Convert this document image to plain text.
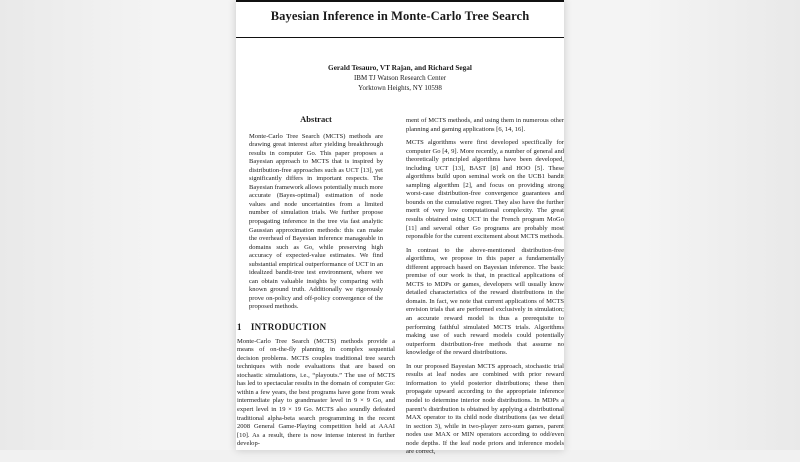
Bayesian Inference in Monte-Carlo Tree Search
Gerald Tesauro, VT Rajan, and Richard Segal
IBM TJ Watson Research Center
Yorktown Heights, NY 10598
Abstract
Monte-Carlo Tree Search (MCTS) methods are drawing great interest after yielding breakthrough results in computer Go. This paper proposes a Bayesian approach to MCTS that is inspired by distribution-free approaches such as UCT [13], yet significantly differs in important respects. The Bayesian framework allows potentially much more accurate (Bayes-optimal) estimation of node values and node uncertainties from a limited number of simulation trials. We further propose propagating inference in the tree via fast analytic Gaussian approximation methods: this can make the overhead of Bayesian inference manageable in domains such as Go, while preserving high accuracy of expected-value estimates. We find substantial empirical outperformance of UCT in an idealized bandit-tree test environment, where we can obtain valuable insights by comparing with known ground truth. Additionally we rigorously prove on-policy and off-policy convergence of the proposed methods.
1 INTRODUCTION
Monte-Carlo Tree Search (MCTS) methods provide a means of on-the-fly planning in complex sequential decision problems. MCTS couples traditional tree search techniques with node evaluations that are based on stochastic simulations, i.e., “playouts.” The use of MCTS has led to spectacular results in the domain of computer Go: within a few years, the best programs have gone from weak intermediate play to grandmaster level in 9 × 9 Go, and expert level in 19 × 19 Go. MCTS also soundly defeated traditional alpha-beta search programming in the recent 2008 General Game-Playing competition held at AAAI [10]. As a result, there is now intense interest in further develop-
ment of MCTS methods, and using them in numerous other planning and gaming applications [6, 14, 16].
MCTS algorithms were first developed specifically for computer Go [4, 9]. More recently, a number of general and theoretically principled algorithms have been developed, including UCT [13], BAST [8] and HOO [5]. These algorithms build upon seminal work on the UCB1 bandit sampling algorithm [2], and focus on providing strong worst-case distribution-free convergence guarantees and bounds on the cumulative regret. They also have the further merit of very low computational complexity. The great results obtained using UCT in the French program MoGo [11] and several other Go programs are probably most reponsible for the current excitement about MCTS methods.
In contrast to the above-mentioned distribution-free algorithms, we propose in this paper a fundamentally different approach based on Bayesian inference. The basic premise of our work is that, in practical applications of MCTS to MDPs or games, developers will usually know detailed characteristics of the reward distributions in the domain. In fact, we note that current applications of MCTS envision trials that are performed exclusively in simulation; an accurate reward model is thus a prerequisite to performing faithful simulated MCTS trials. Algorithms making use of such reward models could potentially outperform distribution-free methods that assume no knowledge of the reward distributions.
In our proposed Bayesian MCTS approach, stochastic trial results at leaf nodes are combined with prior reward information to yield posterior distributions; these then propagate upward according to the appropriate inference model to determine interior node distributions. In MDPs a parent’s distribution is obtained by applying a distributional MAX operator to its child node distributions (as we detail in section 3), while in two-player zero-sum games, parent nodes use MAX or MIN operators according to odd/even node depths. If the leaf node priors and inference models are correct,
